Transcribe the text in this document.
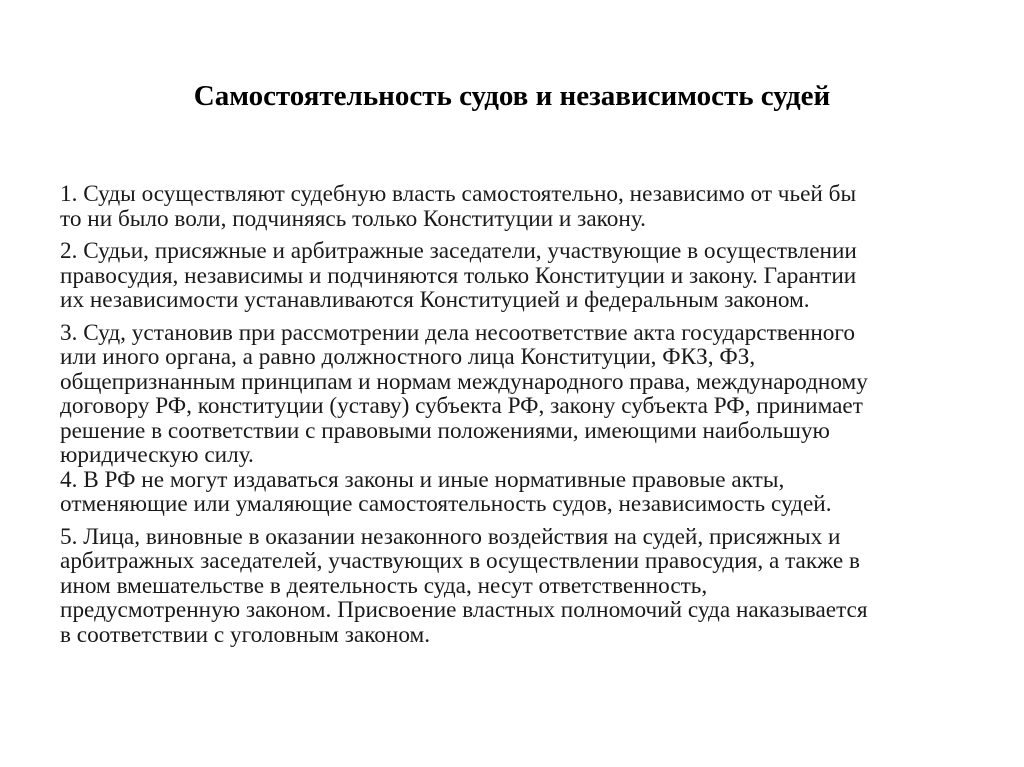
Самостоятельность судов и независимость судей

1. Суды осуществляют судебную власть самостоятельно, независимо от чьей бы
то ни было воли, подчиняясь только Конституции и закону.

2. Судьи, присяжные и арбитражные заседатели, участвующие в осуществлении
правосудия, независимы и подчиняются только Конституции и закону. Гарантии
их независимости устанавливаются Конституцией и федеральным законом.

3. Суд, установив при рассмотрении дела несоответствие акта государственного
или иного органа, а равно должностного лица Конституции, ФКЗ, ФЗ,
общепризнанным принципам и нормам международного права, международному
договору РФ, конституции (уставу) субъекта РФ, закону субъекта РФ, принимает
решение в соответствии с правовыми положениями, имеющими наибольшую
юридическую силу.

4. В РФ не могут издаваться законы и иные нормативные правовые акты,
отменяющие или умаляющие самостоятельность судов, независимость судей.

5. Лица, виновные в оказании незаконного воздействия на судей, присяжных и
арбитражных заседателей, участвующих в осуществлении правосудия, а также в
ином вмешательстве в деятельность суда, несут ответственность,
предусмотренную законом. Присвоение властных полномочий суда наказывается
в соответствии с уголовным законом.
